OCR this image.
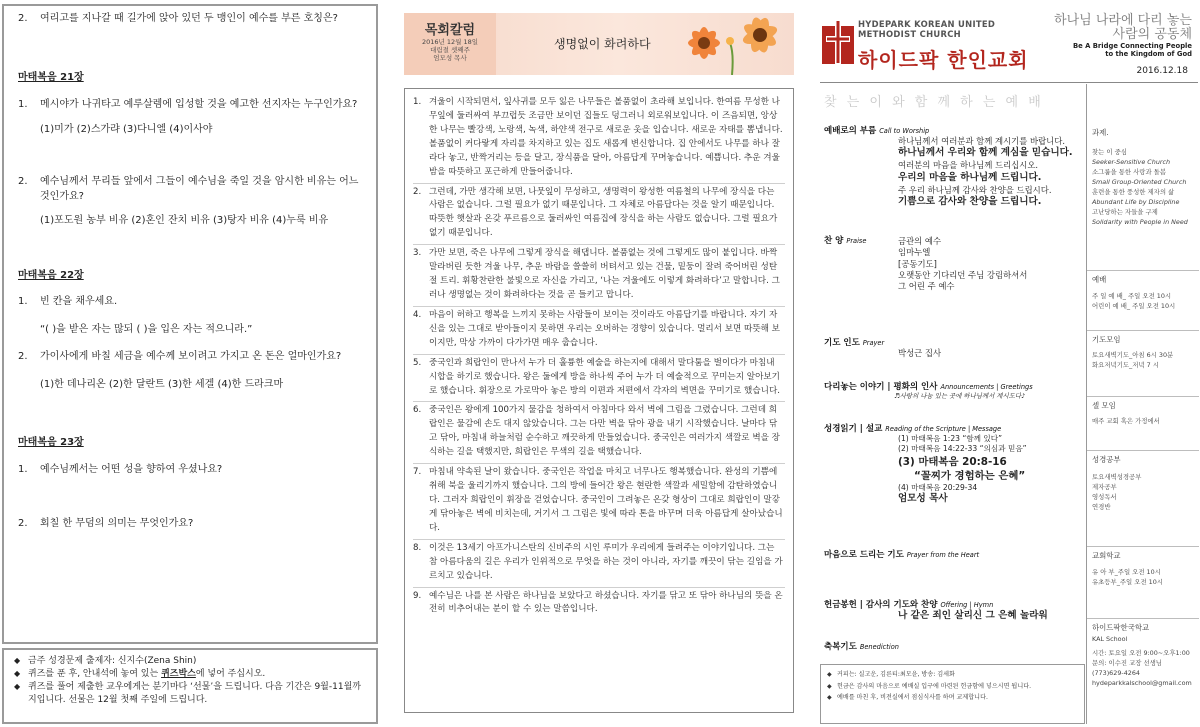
2.	여리고를 지나갈 때 길가에 앉아 있던 두 맹인이 예수를 부른 호칭은?
마태복음 21장
1.	메시야가 나귀타고 예루살렘에 입성할 것을 예고한 선지자는 누구인가요?
(1)미가 (2)스가랴 (3)다니엘 (4)이사야
2.	예수님께서 무리들 앞에서 그들이 예수님을 죽일 것을 암시한 비유는 어느 것인가요?
(1)포도원 농부 비유 (2)혼인 잔치 비유 (3)탕자 비유 (4)누룩 비유
마태복음 22장
1.	빈 칸을 채우세요.
“( )을 받은 자는 많되 ( )을 입은 자는 적으니라.”
2.	가이사에게 바칠 세금을 예수께 보이려고 가지고 온 돈은 얼마인가요?
(1)한 데나리온 (2)한 달란트 (3)한 세겔 (4)한 드라크마
마태복음 23장
1.	예수님께서는 어떤 성을 향하여 우셨나요?
2.	회칠 한 무덤의 의미는 무엇인가요?
◆ 금주 성경문제 출제자: 신지수(Zena Shin)
◆ 퀴즈를 푼 후, 안내석에 놓여 있는 퀴즈박스에 넣어 주십시오.
◆ 퀴즈를 풀어 제출한 교우에게는 분기마다 ‘선물’을 드립니다. 다음 기간은 9월-11월까지입니다. 선물은 12월 첫째 주일에 드립니다.
목회칼럼
2016년 12월 18일
대림절 셋째주
엄모성 목사
생명없이 화려하다
1. 겨울이 시작되면서, 잎사귀를 모두 잃은 나무들은 볼품없이 초라해 보입니다. 한여름 무성한 나무잎에 둘러싸여 부끄럽듯 조금만 보이던 집들도 덩그러니 외로워보입니다. 이 즈음되면, 앙상한 나무는 빨강색, 노랑색, 녹색, 하얀색 전구로 새로운 옷을 입습니다. 새로운 자태를 뽐냅니다. 볼품없이 커다랗게 자리를 차지하고 있는 집도 새롭게 변신합니다. 집 안에서도 나무를 하나 잘라다 놓고, 반짝거리는 등을 달고, 장식품을 달아, 아름답게 꾸며놓습니다. 예쁩니다. 추운 겨울 밤을 따뜻하고 포근하게 만들어줍니다.
2. 그런데, 가만 생각해 보면, 나뭇잎이 무성하고, 생명력이 왕성한 여름철의 나무에 장식을 다는 사람은 없습니다. 그럴 필요가 없기 때문입니다. 그 자체로 아름답다는 것을 알기 때문입니다. 따뜻한 햇살과 온갖 푸르름으로 둘러싸인 여름집에 장식을 하는 사람도 없습니다. 그럴 필요가 없기 때문입니다.
3. 가만 보면, 죽은 나무에 그렇게 장식을 해댑니다. 볼품없는 것에 그렇게도 많이 붙입니다. 바짝 말라버린 듯한 겨울 나무, 추운 바람을 쓸쓸히 버텨서고 있는 건물, 밑둥이 잘려 죽어버린 성탄절 트리. 휘황찬란한 불빛으로 자신을 가리고, ‘나는 겨울에도 이렇게 화려하다’고 말합니다. 그러나 생명없는 것이 화려하다는 것을 곧 들키고 맙니다.
4. 마음이 허하고 행복을 느끼지 못하는 사람들이 보이는 것이라도 아름답기를 바랍니다. 자기 자신을 있는 그대로 받아들이지 못하면 우리는 오버하는 경향이 있습니다. 멀리서 보면 따뜻해 보이지만, 막상 가까이 다가가면 매우 춥습니다.
5. 중국인과 희랍인이 만나서 누가 더 훌륭한 예술을 하는지에 대해서 말다툼을 벌이다가 마침내 시합을 하기로 했습니다. 왕은 둘에게 방을 하나씩 주어 누가 더 예술적으로 꾸미는지 알아보기로 했습니다. 휘장으로 가로막아 놓은 방의 이편과 저편에서 각자의 벽면을 꾸미기로 했습니다.
6. 중국인은 왕에게 100가지 물감을 청하여서 아침마다 와서 벽에 그림을 그렸습니다. 그런데 희랍인은 물감에 손도 대지 않았습니다. 그는 다만 벽을 닦아 광을 내기 시작했습니다. 날마다 닦고 닦아, 마침내 하늘처럼 순수하고 깨끗하게 만들었습니다. 중국인은 여러가지 색깔로 벽을 장식하는 길을 택했지만, 희랍인은 무색의 길을 택했습니다.
7. 마침내 약속된 날이 왔습니다. 중국인은 작업을 마치고 너무나도 행복했습니다. 완성의 기쁨에 취해 북을 울리기까지 했습니다. 그의 방에 들어간 왕은 현란한 색깔과 세밀함에 감탄하였습니다. 그러자 희랍인이 휘장을 걷었습니다. 중국인이 그려놓은 온갖 형상이 그대로 희랍인이 말갛게 닦아놓은 벽에 비치는데, 거기서 그 그림은 빛에 따라 톤을 바꾸며 더욱 아름답게 살아났습니다.
8. 이것은 13세기 아프가니스탄의 신비주의 시인 루미가 우리에게 들려주는 이야기입니다. 그는 참 아름다움의 길은 우리가 인위적으로 무엇을 하는 것이 아니라, 자기를 깨끗이 닦는 길임을 가르치고 있습니다.
9. 예수님은 나를 본 사람은 하나님을 보았다고 하셨습니다. 자기를 닦고 또 닦아 하나님의 뜻을 온전히 비추어내는 분이 할 수 있는 말씀입니다.
HYDEPARK KOREAN UNITED
METHODIST CHURCH
하이드팍 한인교회
하나님 나라에 다리 놓는
사람의 공동체
Be A Bridge Connecting People
to the Kingdom of God
2016.12.18
찾 는 이 와 함 께 하 는 예 배
예배로의 부름 Call to Worship
하나님께서 여러분과 함께 계시기를 바랍니다.
하나님께서 우리와 함께 계심을 믿습니다.
여러분의 마음을 하나님께 드리십시오.
우리의 마음을 하나님께 드립니다.
주 우리 하나님께 감사와 찬양을 드립시다.
기쁨으로 감사와 찬양을 드립니다.
찬 양 Praise	금관의 예수
임마누엘
[공동기도]
오랫동안 기다리던 주님 강림하셔서
그 어린 주 예수
기도 인도 Prayer
박성근 집사
다리놓는 이야기 | 평화의 인사 Announcements | Greetings
♬사랑의 나눔 있는 곳에 하나님께서 계시도다♪
성경읽기 | 설교 Reading of the Scripture | Message
(1) 마태복음 1:23 “함께 있다”
(2) 마태복음 14:22-33 “의심과 믿음”
(3) 마태복음 20:8-16
“꼴찌가 경험하는 은혜”
(4) 마태복음 20:29-34
엄모성 목사
마음으로 드리는 기도 Prayer from the Heart
헌금봉헌 | 감사의 기도와 찬양 Offering | Hymn
나 같은 죄인 살리신 그 은혜 놀라워
축복기도 Benediction
◆ 커피는: 실고운, 김른티:최모윤, 방송: 김세화
◆ 헌금은 감사의 마음으로 예배실 입구에 마련된 헌금함에 넣으시면 됩니다.
◆ 예배를 마친 후, 비전실에서 점심식사를 하며 교제합니다.
과제.
찾는 이 중심
Seeker-Sensitive Church
소그룹을 통한 사랑과 돌봄
Small Group-Oriented Church
훈련을 통한 풍성한 제자의 삶
Abundant Life by Discipline
고난당하는 자들을 구제
Solidarity with People in Need
예배
주 일 예 배_ 주일 오전 10시
어린이 예 배_ 주일 오전 10시
기도모임
토요새벽기도_아침 6시 30분
화요저녁기도_저녁 7 시
셀 모임
매주 교회 혹은 가정에서
성경공부
토요새벽성경공부
제자공부
영성독서
연경반
교회학교
유 아 부_주일 오전 10시
유초등부_주일 오전 10시
하이드팍한국학교
KAL School
시간: 토요일 오전 9:00~오후1:00
문의: 이수진 교장 선생님
(773)629-4264
hydeparkkalschool@gmail.com
